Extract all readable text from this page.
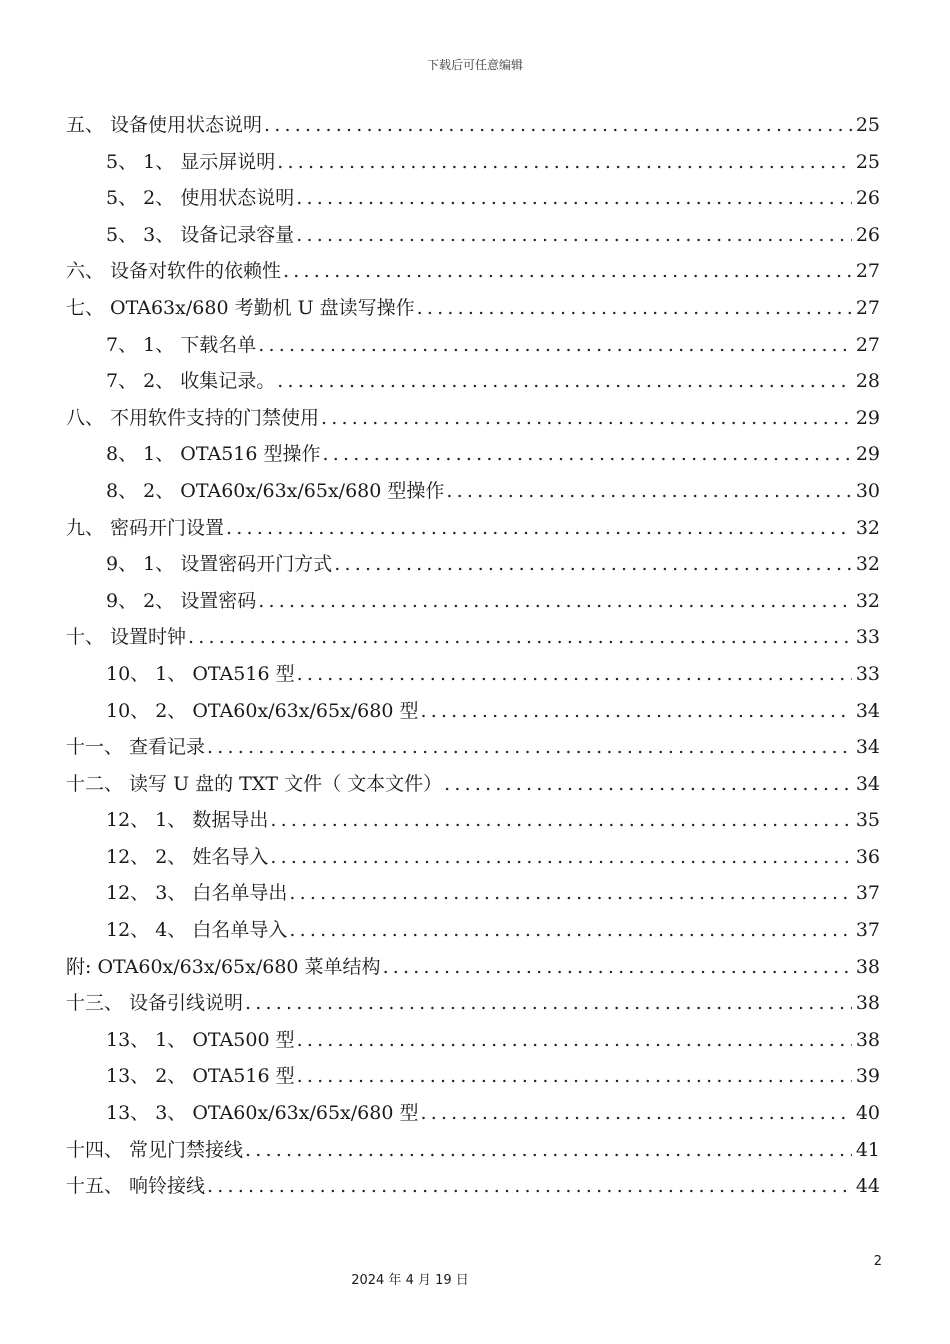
下载后可任意编辑
五、 设备使用状态说明 .....	25
5、 1、 显示屏说明 .....	25
5、 2、 使用状态说明 .....	26
5、 3、 设备记录容量 .....	26
六、 设备对软件的依赖性 .....	27
七、 OTA63x/680 考勤机 U 盘读写操作 .....	27
7、 1、 下载名单 .....	27
7、 2、 收集记录。 .....	28
八、 不用软件支持的门禁使用 .....	29
8、 1、 OTA516 型操作 .....	29
8、 2、 OTA60x/63x/65x/680 型操作 .....	30
九、 密码开门设置 .....	32
9、 1、 设置密码开门方式 .....	32
9、 2、 设置密码 .....	32
十、 设置时钟 .....	33
10、 1、 OTA516 型 .....	33
10、 2、 OTA60x/63x/65x/680 型 .....	34
十一、 查看记录 .....	34
十二、 读写 U 盘的 TXT 文件（ 文本文件） .....	34
12、 1、 数据导出 .....	35
12、 2、 姓名导入 .....	36
12、 3、 白名单导出 .....	37
12、 4、 白名单导入 .....	37
附: OTA60x/63x/65x/680 菜单结构 .....	38
十三、 设备引线说明 .....	38
13、 1、 OTA500 型 .....	38
13、 2、 OTA516 型 .....	39
13、 3、 OTA60x/63x/65x/680 型 .....	40
十四、 常见门禁接线 .....	41
十五、 响铃接线 .....	44
2
2024 年 4 月 19 日
